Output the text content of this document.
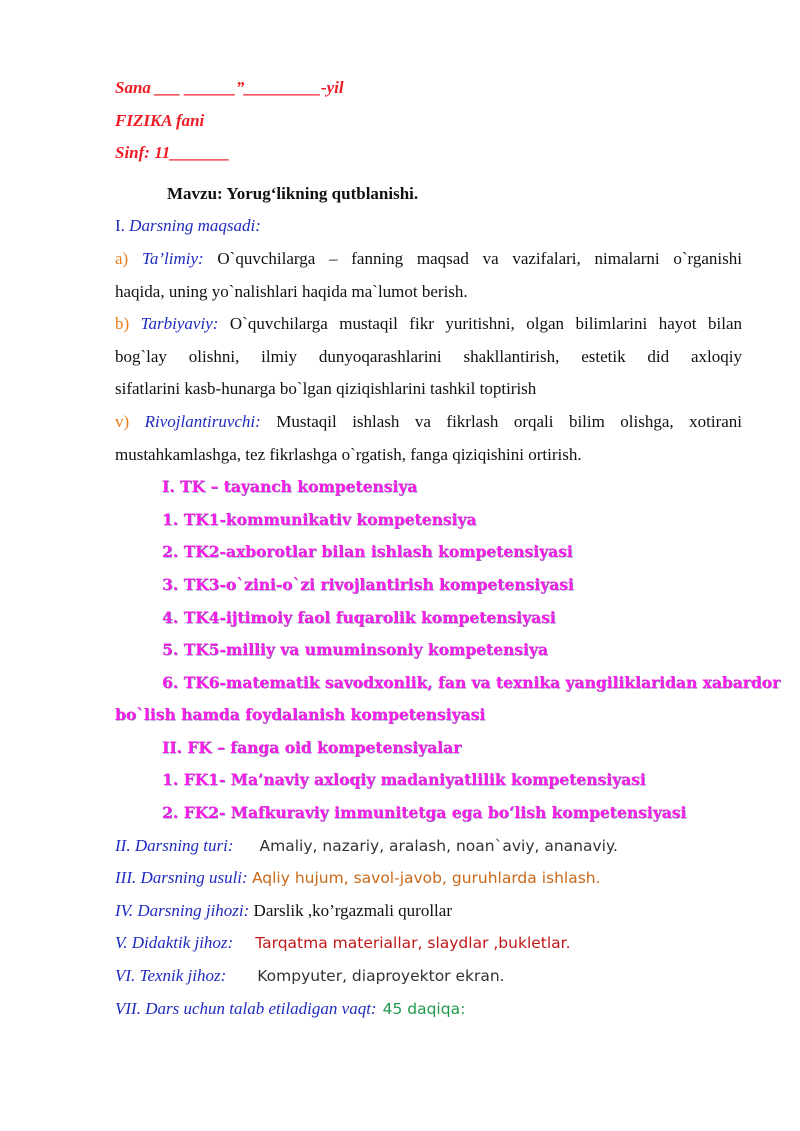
Sana ___ ______”_________-yil
FIZIKA fani
Sinf: 11_______
Mavzu: Yorug‘likning qutblanishi.
I. Darsning maqsadi:
a) Ta’limiy: O`quvchilarga – fanning maqsad va vazifalari, nimalarni o`rganishi
haqida, uning yo`nalishlari haqida ma`lumot berish.
b) Tarbiyaviy: O`quvchilarga mustaqil fikr yuritishni, olgan bilimlarini hayot bilan
bog`lay olishni, ilmiy dunyoqarashlarini shakllantirish, estetik did axloqiy
sifatlarini kasb-hunarga bo`lgan qiziqishlarini tashkil toptirish
v) Rivojlantiruvchi: Mustaqil ishlash va fikrlash orqali bilim olishga, xotirani
mustahkamlashga, tez fikrlashga o`rgatish, fanga qiziqishini ortirish.
I. TK – tayanch kompetensiya
1. TK1-kommunikativ kompetensiya
2. TK2-axborotlar bilan ishlash kompetensiyasi
3. TK3-o`zini-o`zi rivojlantirish kompetensiyasi
4. TK4-ijtimoiy faol fuqarolik kompetensiyasi
5. TK5-milliy va umuminsoniy kompetensiya
6. TK6-matematik savodxonlik, fan va texnika yangiliklaridan xabardor
bo`lish hamda foydalanish kompetensiyasi
II. FK – fanga oid kompetensiyalar
1. FK1- Ma’naviy axloqiy madaniyatlilik kompetensiyasi
2. FK2- Mafkuraviy immunitetga ega bo‘lish kompetensiyasi
II. Darsning turi: Amaliy, nazariy, aralash, noan`aviy, ananaviy.
III. Darsning usuli: Aqliy hujum, savol-javob, guruhlarda ishlash.
IV. Darsning jihozi: Darslik ,ko’rgazmali qurollar
V. Didaktik jihoz: Tarqatma materiallar, slaydlar ,bukletlar.
VI. Texnik jihoz: Kompyuter, diaproyektor ekran.
VII. Dars uchun talab etiladigan vaqt: 45 daqiqa:
